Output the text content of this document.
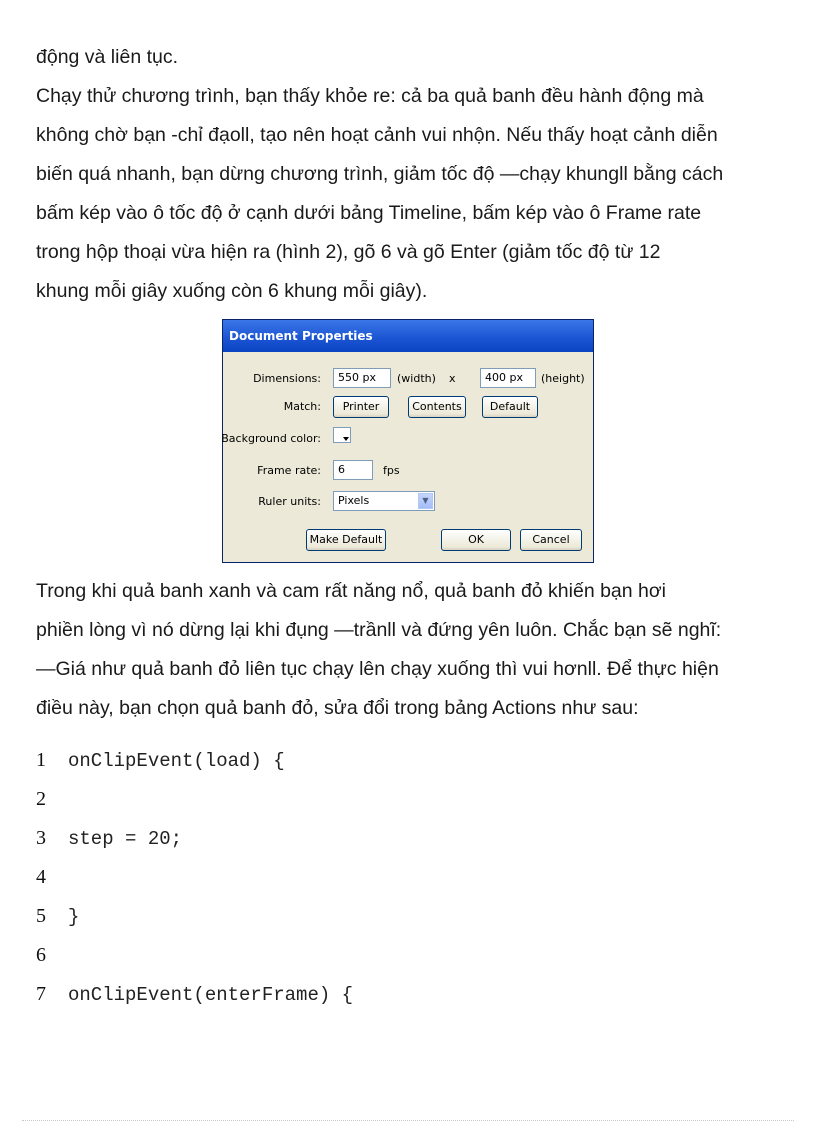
động và liên tục.
Chạy thử chương trình, bạn thấy khỏe re: cả ba quả banh đều hành động mà
không chờ bạn -chỉ đạoll, tạo nên hoạt cảnh vui nhộn. Nếu thấy hoạt cảnh diễn
biến quá nhanh, bạn dừng chương trình, giảm tốc độ —chạy khungll bằng cách
bấm kép vào ô tốc độ ở cạnh dưới bảng Timeline, bấm kép vào ô Frame rate
trong hộp thoại vừa hiện ra (hình 2), gõ 6 và gõ Enter (giảm tốc độ từ 12
khung mỗi giây xuống còn 6 khung mỗi giây).
Document Properties
Dimensions:	550 px	(width) x	400 px	(height)
Match:	Printer	Contents	Default
Background color:
Frame rate:	6	fps
Ruler units:	Pixels	▼
Make Default	OK	Cancel
Trong khi quả banh xanh và cam rất năng nổ, quả banh đỏ khiến bạn hơi
phiền lòng vì nó dừng lại khi đụng —trầnll và đứng yên luôn. Chắc bạn sẽ nghĩ:
—Giá như quả banh đỏ liên tục chạy lên chạy xuống thì vui hơnll. Để thực hiện
điều này, bạn chọn quả banh đỏ, sửa đổi trong bảng Actions như sau:
1	onClipEvent(load) {
2
3	step = 20;
4
5	}
6
7	onClipEvent(enterFrame) {
